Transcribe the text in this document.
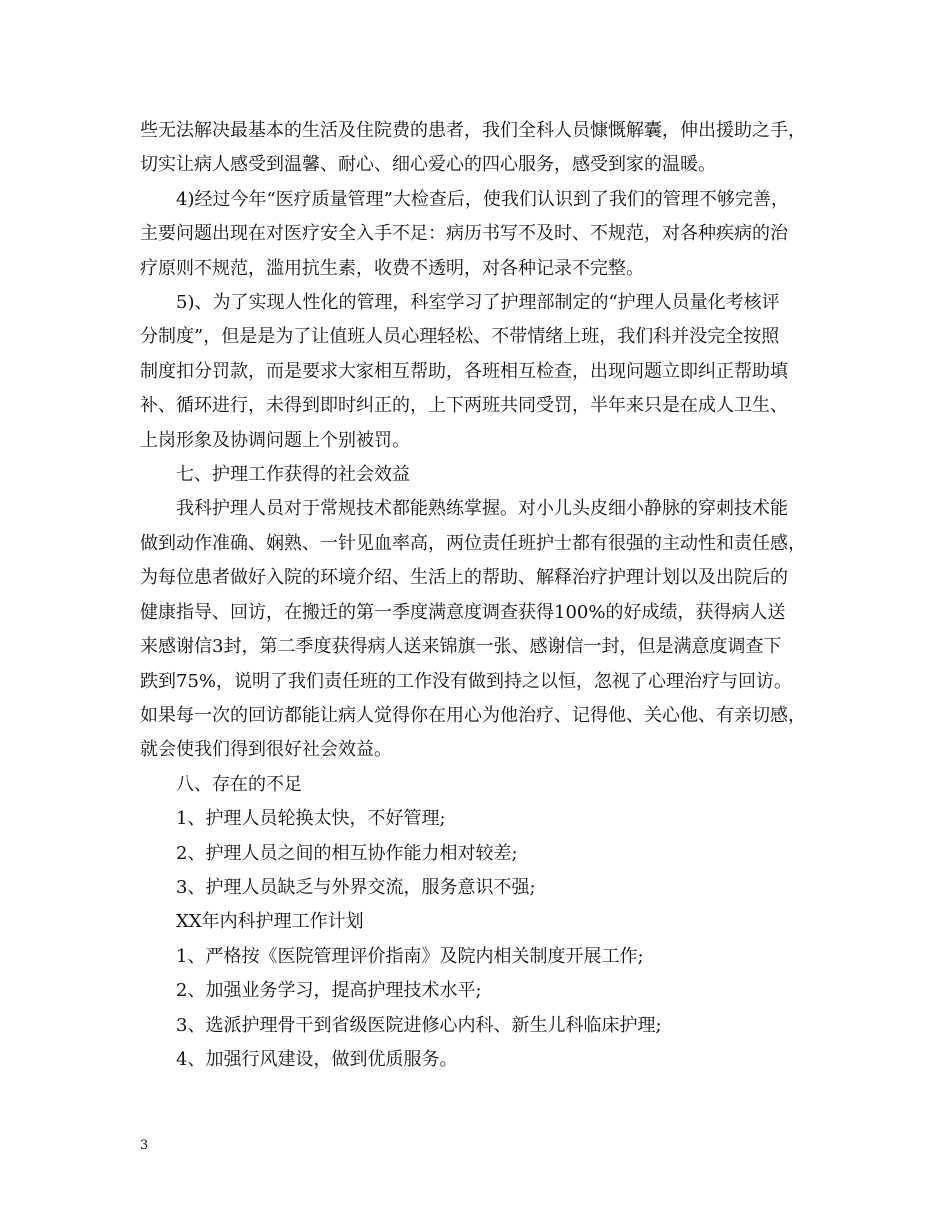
些无法解决最基本的生活及住院费的患者，我们全科人员慷慨解囊，伸出援助之手，

切实让病人感受到温馨、耐心、细心爱心的四心服务，感受到家的温暖。

4)经过今年“医疗质量管理”大检查后，使我们认识到了我们的管理不够完善，

主要问题出现在对医疗安全入手不足：病历书写不及时、不规范，对各种疾病的治

疗原则不规范，滥用抗生素，收费不透明，对各种记录不完整。

5)、为了实现人性化的管理，科室学习了护理部制定的“护理人员量化考核评

分制度”，但是是为了让值班人员心理轻松、不带情绪上班，我们科并没完全按照

制度扣分罚款，而是要求大家相互帮助，各班相互检查，出现问题立即纠正帮助填

补、循环进行，未得到即时纠正的，上下两班共同受罚，半年来只是在成人卫生、

上岗形象及协调问题上个别被罚。

七、护理工作获得的社会效益

我科护理人员对于常规技术都能熟练掌握。对小儿头皮细小静脉的穿刺技术能

做到动作准确、娴熟、一针见血率高，两位责任班护士都有很强的主动性和责任感，

为每位患者做好入院的环境介绍、生活上的帮助、解释治疗护理计划以及出院后的

健康指导、回访，在搬迁的第一季度满意度调查获得100%的好成绩，获得病人送

来感谢信3封，第二季度获得病人送来锦旗一张、感谢信一封，但是满意度调查下

跌到75%，说明了我们责任班的工作没有做到持之以恒，忽视了心理治疗与回访。

如果每一次的回访都能让病人觉得你在用心为他治疗、记得他、关心他、有亲切感，

就会使我们得到很好社会效益。

八、存在的不足

1、护理人员轮换太快，不好管理;

2、护理人员之间的相互协作能力相对较差;

3、护理人员缺乏与外界交流，服务意识不强;

XX年内科护理工作计划

1、严格按《医院管理评价指南》及院内相关制度开展工作;

2、加强业务学习，提高护理技术水平;

3、选派护理骨干到省级医院进修心内科、新生儿科临床护理;

4、加强行风建设，做到优质服务。

3
